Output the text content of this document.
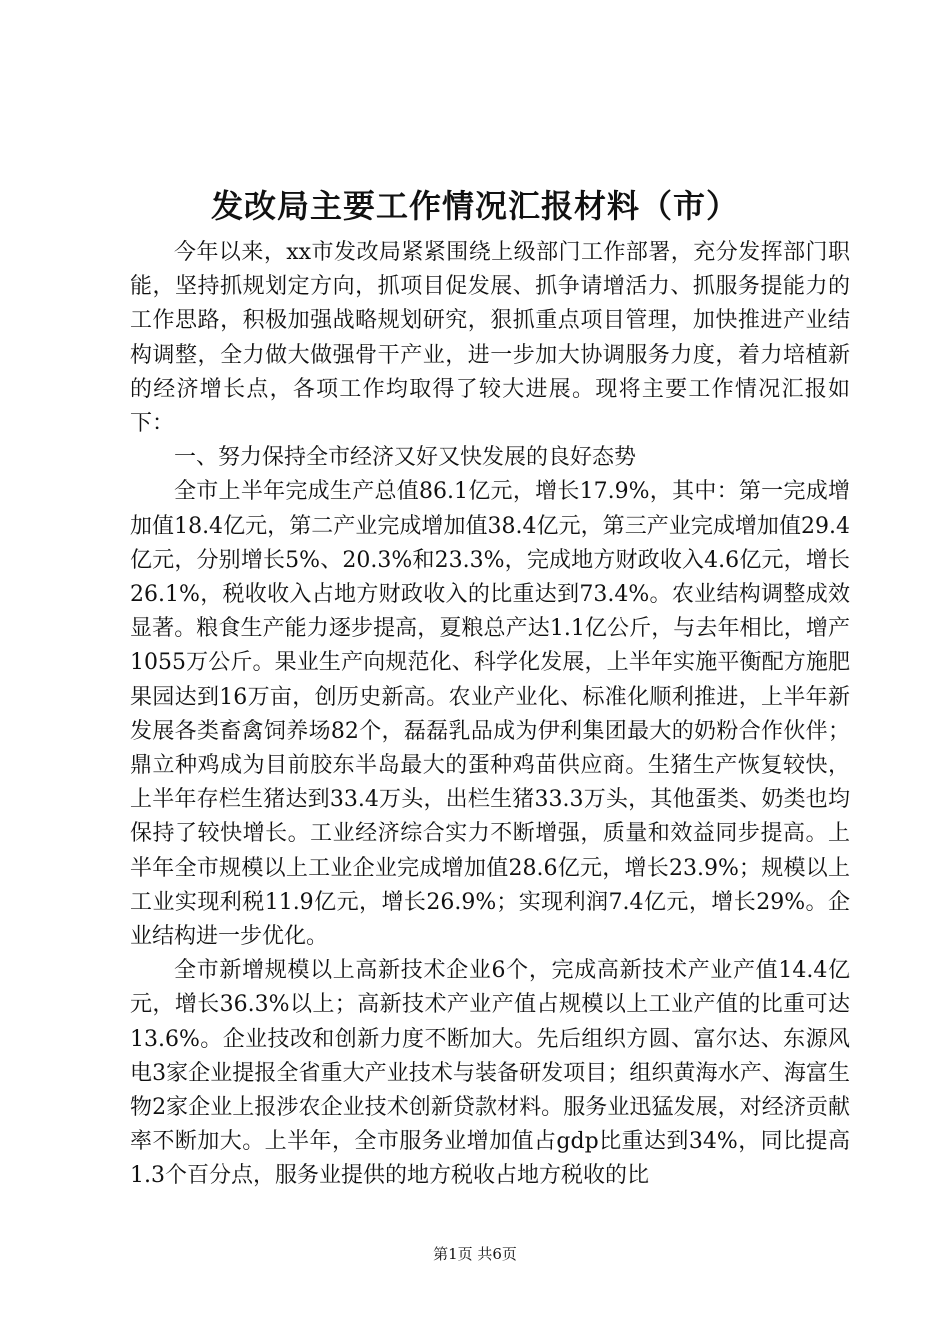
发改局主要工作情况汇报材料（市）

今年以来，xx市发改局紧紧围绕上级部门工作部署，充分发挥部门职能，坚持抓规划定方向，抓项目促发展、抓争请增活力、抓服务提能力的工作思路，积极加强战略规划研究，狠抓重点项目管理，加快推进产业结构调整，全力做大做强骨干产业，进一步加大协调服务力度，着力培植新的经济增长点，各项工作均取得了较大进展。现将主要工作情况汇报如下：

一、努力保持全市经济又好又快发展的良好态势

全市上半年完成生产总值86.1亿元，增长17.9%，其中：第一完成增加值18.4亿元，第二产业完成增加值38.4亿元，第三产业完成增加值29.4亿元，分别增长5%、20.3%和23.3%，完成地方财政收入4.6亿元，增长26.1%，税收收入占地方财政收入的比重达到73.4%。农业结构调整成效显著。粮食生产能力逐步提高，夏粮总产达1.1亿公斤，与去年相比，增产1055万公斤。果业生产向规范化、科学化发展，上半年实施平衡配方施肥果园达到16万亩，创历史新高。农业产业化、标准化顺利推进，上半年新发展各类畜禽饲养场82个，磊磊乳品成为伊利集团最大的奶粉合作伙伴；鼎立种鸡成为目前胶东半岛最大的蛋种鸡苗供应商。生猪生产恢复较快，上半年存栏生猪达到33.4万头，出栏生猪33.3万头，其他蛋类、奶类也均保持了较快增长。工业经济综合实力不断增强，质量和效益同步提高。上半年全市规模以上工业企业完成增加值28.6亿元，增长23.9%；规模以上工业实现利税11.9亿元，增长26.9%；实现利润7.4亿元，增长29%。企业结构进一步优化。

全市新增规模以上高新技术企业6个，完成高新技术产业产值14.4亿元，增长36.3%以上；高新技术产业产值占规模以上工业产值的比重可达13.6%。企业技改和创新力度不断加大。先后组织方圆、富尔达、东源风电3家企业提报全省重大产业技术与装备研发项目；组织黄海水产、海富生物2家企业上报涉农企业技术创新贷款材料。服务业迅猛发展，对经济贡献率不断加大。上半年，全市服务业增加值占gdp比重达到34%，同比提高1.3个百分点，服务业提供的地方税收占地方税收的比

第1页 共6页
